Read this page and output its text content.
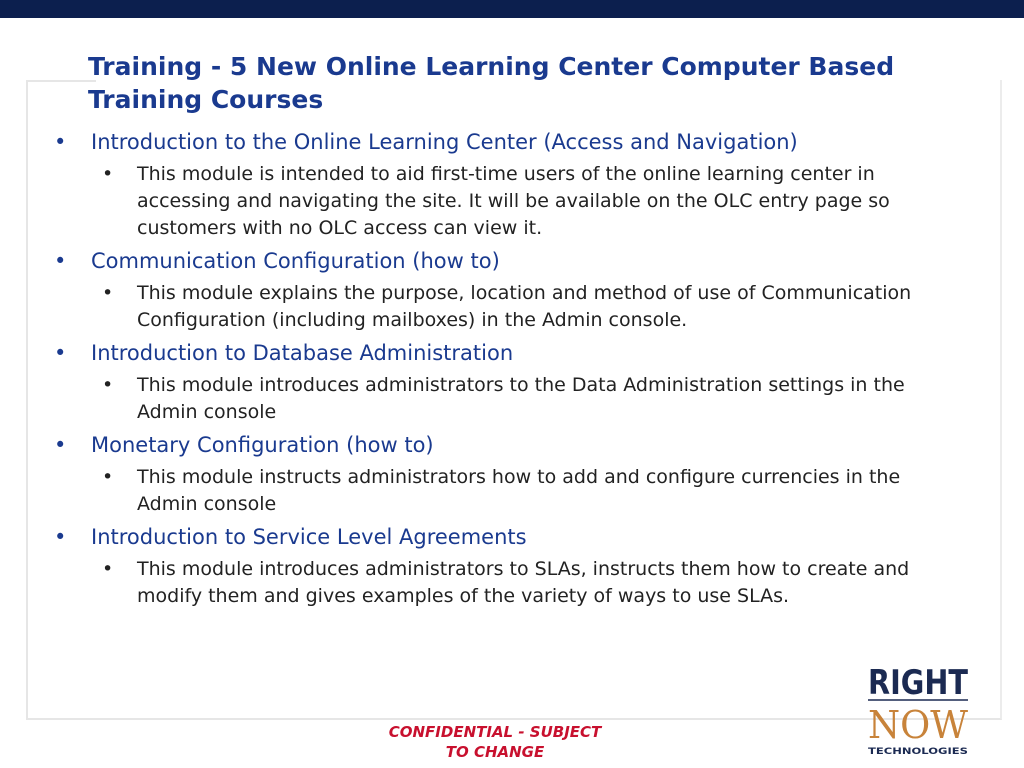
Training - 5 New Online Learning Center Computer Based Training Courses
•	Introduction to the Online Learning Center (Access and Navigation)
•	This module is intended to aid first-time users of the online learning center in accessing and navigating the site. It will be available on the OLC entry page so customers with no OLC access can view it.
•	Communication Configuration (how to)
•	This module explains the purpose, location and method of use of Communication Configuration (including mailboxes) in the Admin console.
•	Introduction to Database Administration
•	This module introduces administrators to the Data Administration settings in the Admin console
•	Monetary Configuration (how to)
•	This module instructs administrators how to add and configure currencies in the Admin console
•	Introduction to Service Level Agreements
•	This module introduces administrators to SLAs, instructs them how to create and modify them and gives examples of the variety of ways to use SLAs.
CONFIDENTIAL - SUBJECT
TO CHANGE
RIGHT
NOW
TECHNOLOGIES
